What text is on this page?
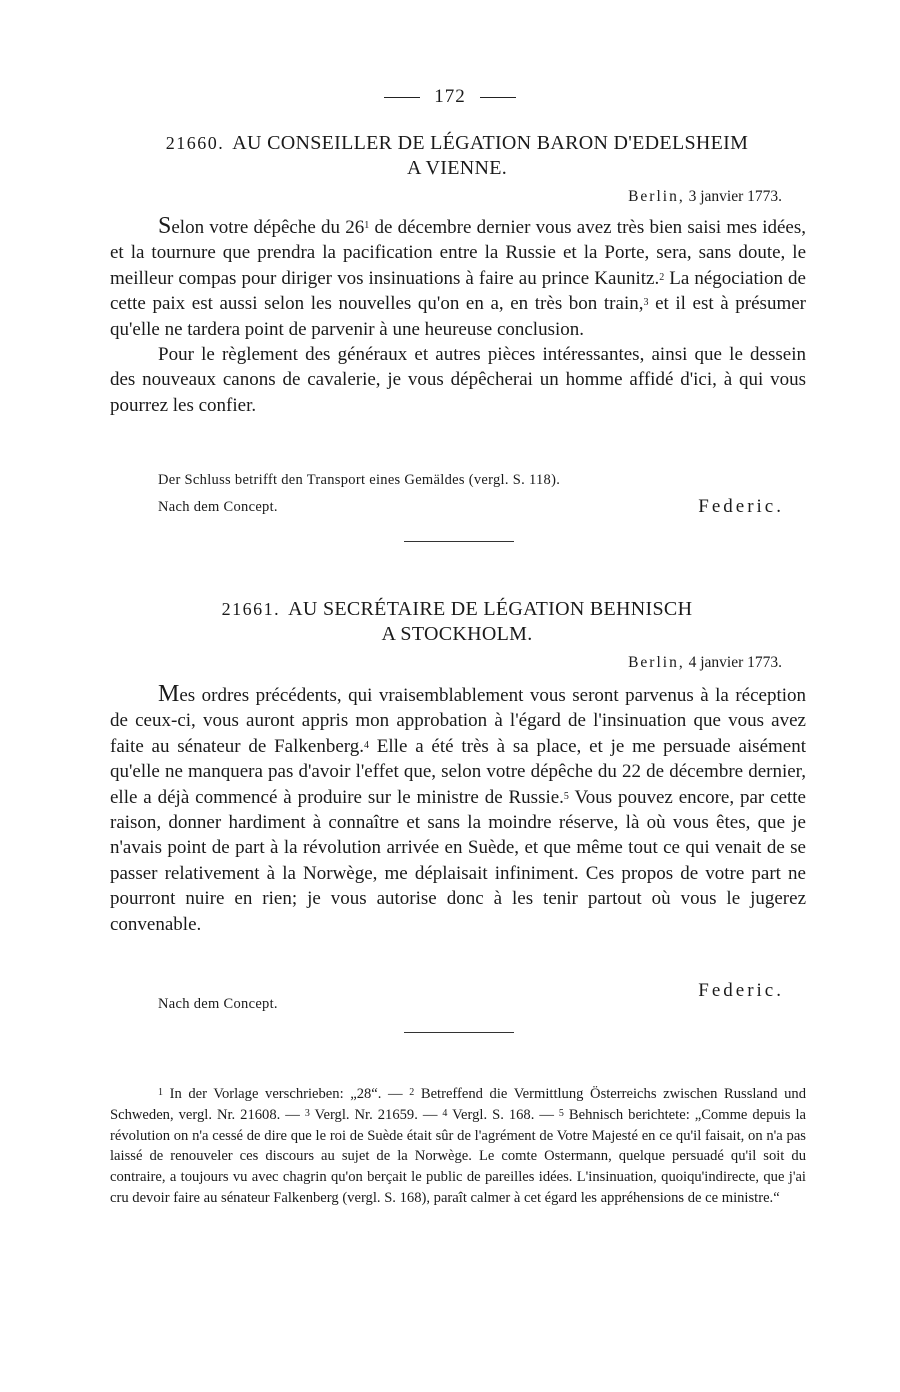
172
21660. AU CONSEILLER DE LÉGATION BARON D'EDELSHEIM
A VIENNE.
Berlin, 3 janvier 1773.

Selon votre dépêche du $26^1$ de décembre dernier vous avez très bien saisi mes idées, et la tournure que prendra la pacification entre la Russie et la Porte, sera, sans doute, le meilleur compas pour diriger vos insinuations à faire au prince Kaunitz.$^2$ La négociation de cette paix est aussi selon les nouvelles qu'on en a, en très bon train,$^3$ et il est à présumer qu'elle ne tardera point de parvenir à une heureuse conclusion.

Pour le règlement des généraux et autres pièces intéressantes, ainsi que le dessein des nouveaux canons de cavalerie, je vous dépêcherai un homme affidé d'ici, à qui vous pourrez les confier.

Der Schluss betrifft den Transport eines Gemäldes (vergl. S. 118).
Nach dem Concept.	Federic.
21661. AU SECRÉTAIRE DE LÉGATION BEHNISCH
A STOCKHOLM.
Berlin, 4 janvier 1773.

Mes ordres précédents, qui vraisemblablement vous seront parvenus à la réception de ceux-ci, vous auront appris mon approbation à l'égard de l'insinuation que vous avez faite au sénateur de Falkenberg.$^4$ Elle a été très à sa place, et je me persuade aisément qu'elle ne manquera pas d'avoir l'effet que, selon votre dépêche du 22 de décembre dernier, elle a déjà commencé à produire sur le ministre de Russie.$^5$ Vous pouvez encore, par cette raison, donner hardiment à connaître et sans la moindre réserve, là où vous êtes, que je n'avais point de part à la révolution arrivée en Suède, et que même tout ce qui venait de se passer relativement à la Norwège, me déplaisait infiniment. Ces propos de votre part ne pourront nuire en rien; je vous autorise donc à les tenir partout où vous le jugerez convenable.

Nach dem Concept.
Federic.

$^1$ In der Vorlage verschrieben: „28“. — $^2$ Betreffend die Vermittlung Österreichs zwischen Russland und Schweden, vergl. Nr. 21608. — $^3$ Vergl. Nr. 21659. — $^4$ Vergl. S. 168. — $^5$ Behnisch berichtete: „Comme depuis la révolution on n'a cessé de dire que le roi de Suède était sûr de l'agrément de Votre Majesté en ce qu'il faisait, on n'a pas laissé de renouveler ces discours au sujet de la Norwège. Le comte Ostermann, quelque persuadé qu'il soit du contraire, a toujours vu avec chagrin qu'on berçait le public de pareilles idées. L'insinuation, quoiqu'indirecte, que j'ai cru devoir faire au sénateur Falkenberg (vergl. S. 168), paraît calmer à cet égard les appréhensions de ce ministre.“
